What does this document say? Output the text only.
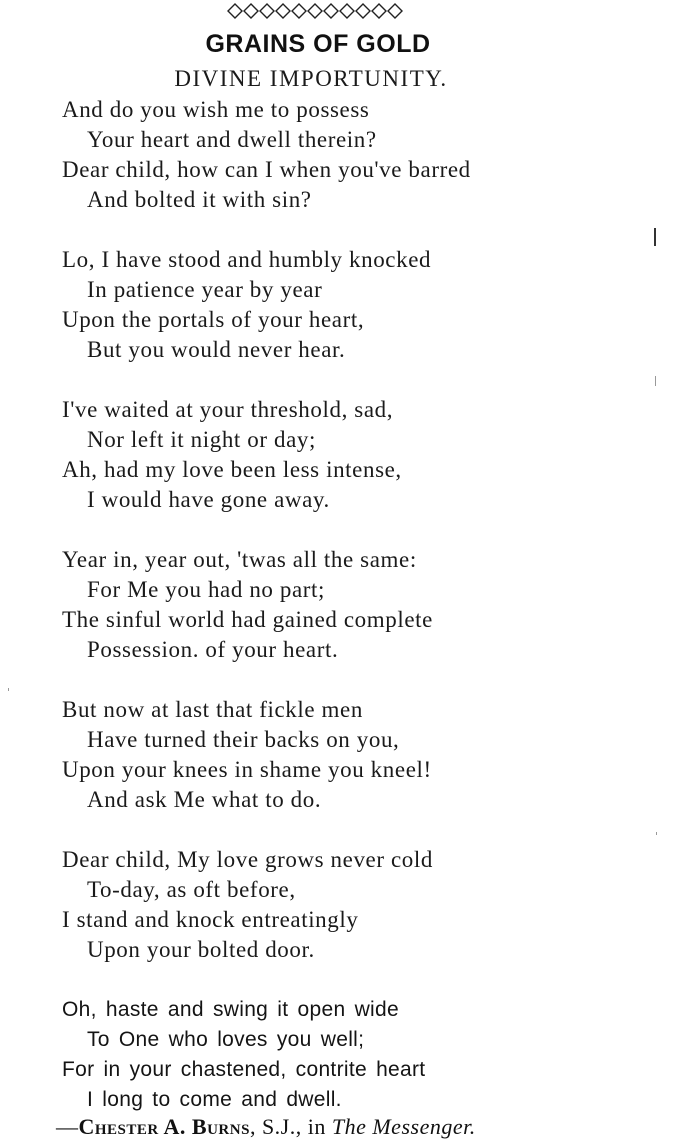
GRAINS OF GOLD
DIVINE IMPORTUNITY.
And do you wish me to possess
Your heart and dwell therein?
Dear child, how can I when you've barred
And bolted it with sin?
Lo, I have stood and humbly knocked
In patience year by year
Upon the portals of your heart,
But you would never hear.
I've waited at your threshold, sad,
Nor left it night or day;
Ah, had my love been less intense,
I would have gone away.
Year in, year out, 'twas all the same:
For Me you had no part;
The sinful world had gained complete
Possession. of your heart.
But now at last that fickle men
Have turned their backs on you,
Upon your knees in shame you kneel!
And ask Me what to do.
Dear child, My love grows never cold
To-day, as oft before,
I stand and knock entreatingly
Upon your bolted door.
Oh, haste and swing it open wide
To One who loves you well;
For in your chastened, contrite heart
I long to come and dwell.
—Chester A. Burns, S.J., in The Messenger.
